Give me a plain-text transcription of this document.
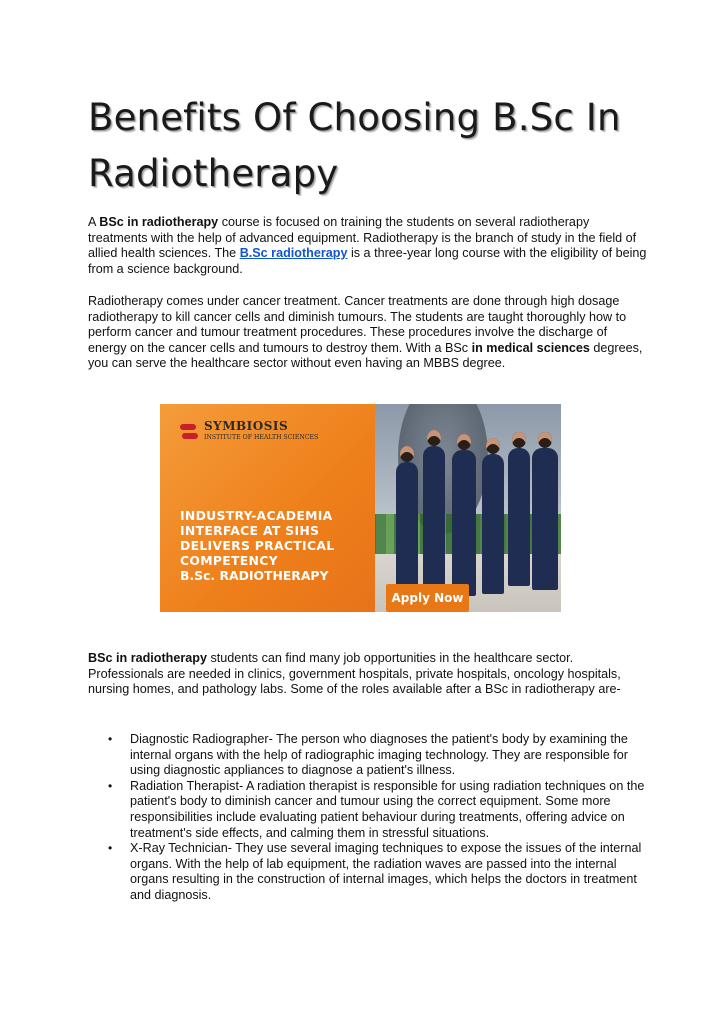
Benefits Of Choosing B.Sc In Radiotherapy

A BSc in radiotherapy course is focused on training the students on several radiotherapy treatments with the help of advanced equipment. Radiotherapy is the branch of study in the field of allied health sciences. The B.Sc radiotherapy is a three-year long course with the eligibility of being from a science background.

Radiotherapy comes under cancer treatment. Cancer treatments are done through high dosage radiotherapy to kill cancer cells and diminish tumours. The students are taught thoroughly how to perform cancer and tumour treatment procedures. These procedures involve the discharge of energy on the cancer cells and tumours to destroy them. With a BSc in medical sciences degrees, you can serve the healthcare sector without even having an MBBS degree.

BSc in radiotherapy students can find many job opportunities in the healthcare sector. Professionals are needed in clinics, government hospitals, private hospitals, oncology hospitals, nursing homes, and pathology labs. Some of the roles available after a BSc in radiotherapy are-

• Diagnostic Radiographer- The person who diagnoses the patient's body by examining the internal organs with the help of radiographic imaging technology. They are responsible for using diagnostic appliances to diagnose a patient's illness.
• Radiation Therapist- A radiation therapist is responsible for using radiation techniques on the patient's body to diminish cancer and tumour using the correct equipment. Some more responsibilities include evaluating patient behaviour during treatments, offering advice on treatment's side effects, and calming them in stressful situations.
• X-Ray Technician- They use several imaging techniques to expose the issues of the internal organs. With the help of lab equipment, the radiation waves are passed into the internal organs resulting in the construction of internal images, which helps the doctors in treatment and diagnosis.
SYMBIOSIS
INSTITUTE OF HEALTH SCIENCES

INDUSTRY-ACADEMIA INTERFACE AT SIHS DELIVERS PRACTICAL COMPETENCY

B.Sc. RADIOTHERAPY
Apply Now
